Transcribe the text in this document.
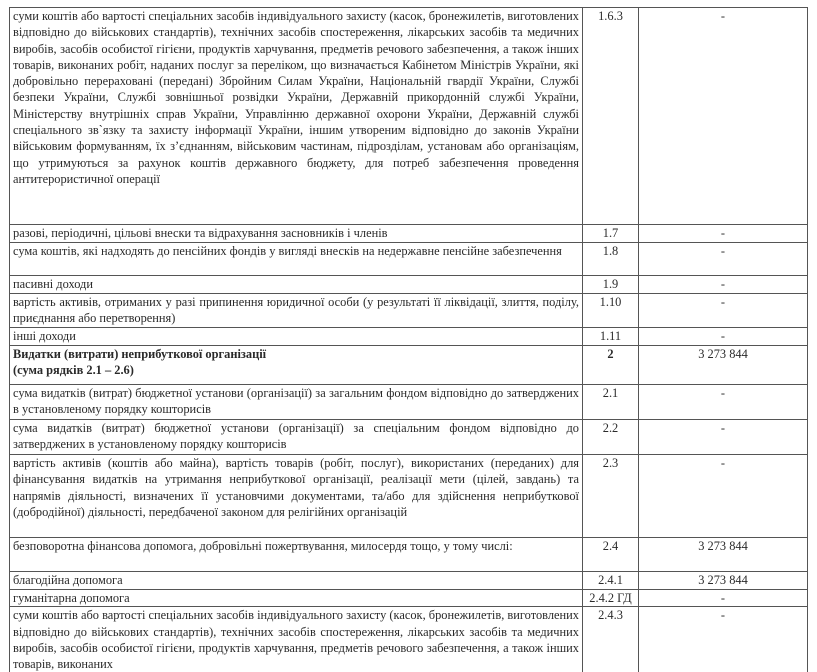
суми коштів або вартості спеціальних засобів індивідуального захисту (касок, бронежилетів, виготовлених відповідно до військових стандартів), технічних засобів спостереження, лікарських засобів та медичних виробів, засобів особистої гігієни, продуктів харчування, предметів речового забезпечення, а також інших товарів, виконаних робіт, наданих послуг за переліком, що визначається Кабінетом Міністрів України, які добровільно перераховані (передані) Збройним Силам України, Національній гвардії України, Службі безпеки України, Службі зовнішньої розвідки України, Державній прикордонній службі України, Міністерству внутрішніх справ України, Управлінню державної охорони України, Державній службі спеціального зв`язку та захисту інформації України, іншим утвореним відповідно до законів України військовим формуванням, їх з’єднанням, військовим частинам, підрозділам, установам або організаціям, що утримуються за рахунок коштів державного бюджету, для потреб забезпечення проведення антитерористичної операції	1.6.3	-
разові, періодичні, цільові внески та відрахування засновників і членів	1.7	-
сума коштів, які надходять до пенсійних фондів у вигляді внесків на недержавне пенсійне забезпечення	1.8	-
пасивні доходи	1.9	-
вартість активів, отриманих у разі припинення юридичної особи (у результаті її ліквідації, злиття, поділу, приєднання або перетворення)	1.10	-
інші доходи	1.11	-

Видатки (витрати) неприбуткової організації
(сума рядків 2.1 – 2.6)	2	3 273 844
сума видатків (витрат) бюджетної установи (організації) за загальним фондом відповідно до затверджених в установленому порядку кошторисів	2.1	-
сума видатків (витрат) бюджетної установи (організації) за спеціальним фондом відповідно до затверджених в установленому порядку кошторисів	2.2	-
вартість активів (коштів або майна), вартість товарів (робіт, послуг), використаних (переданих) для фінансування видатків на утримання неприбуткової організації, реалізації мети (цілей, завдань) та напрямів діяльності, визначених її установчими документами, та/або для здійснення неприбуткової (добродійної) діяльності, передбаченої законом для релігійних організацій	2.3	-
безповоротна фінансова допомога, добровільні пожертвування, милосердя тощо, у тому числі:	2.4	3 273 844
благодійна допомога	2.4.1	3 273 844
гуманітарна допомога	2.4.2 ГД	-
суми коштів або вартості спеціальних засобів індивідуального захисту (касок, бронежилетів, виготовлених відповідно до військових стандартів), технічних засобів спостереження, лікарських засобів та медичних виробів, засобів особистої гігієни, продуктів харчування, предметів речового забезпечення, а також інших товарів, виконаних	2.4.3	-
